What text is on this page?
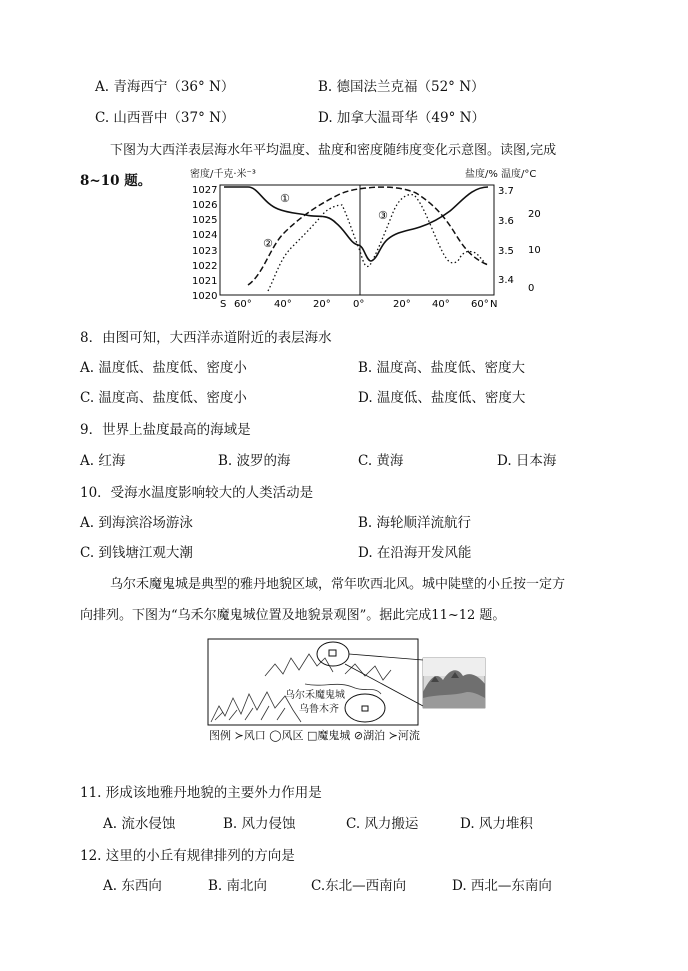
A. 青海西宁（36° N）	B. 德国法兰克福（52° N）
C. 山西晋中（37° N）	D. 加拿大温哥华（49° N）
下图为大西洋表层海水年平均温度、盐度和密度随纬度变化示意图。读图,完成
8~10 题。	密度/千克·米⁻³	盐度/% 温度/°C
1027
1026
1025
1024
1023
1022
1021
1020
3.7
3.6
3.5
3.4
20
10
0
S 60° 40° 20° 0°	20° 40° 60° N
①
②
③
8．由图可知，大西洋赤道附近的表层海水
A. 温度低、盐度低、密度小	B. 温度高、盐度低、密度大
C. 温度高、盐度低、密度小	D. 温度低、盐度低、密度大
9．世界上盐度最高的海域是
A. 红海	B. 波罗的海	C. 黄海	D. 日本海
10．受海水温度影响较大的人类活动是
A. 到海滨浴场游泳	B. 海轮顺洋流航行
C. 到钱塘江观大潮	D. 在沿海开发风能
乌尔禾魔鬼城是典型的雅丹地貌区域，常年吹西北风。城中陡壁的小丘按一定方
向排列。下图为“乌禾尔魔鬼城位置及地貌景观图”。据此完成11~12 题。
乌尔禾魔鬼城
乌鲁木齐
图例 ≻风口 ◯风区 □魔鬼城 ⊘湖泊 ≻河流
11. 形成该地雅丹地貌的主要外力作用是
A. 流水侵蚀	B. 风力侵蚀	C. 风力搬运	D. 风力堆积
12. 这里的小丘有规律排列的方向是
A. 东西向	B. 南北向	C.东北—西南向	D. 西北—东南向
